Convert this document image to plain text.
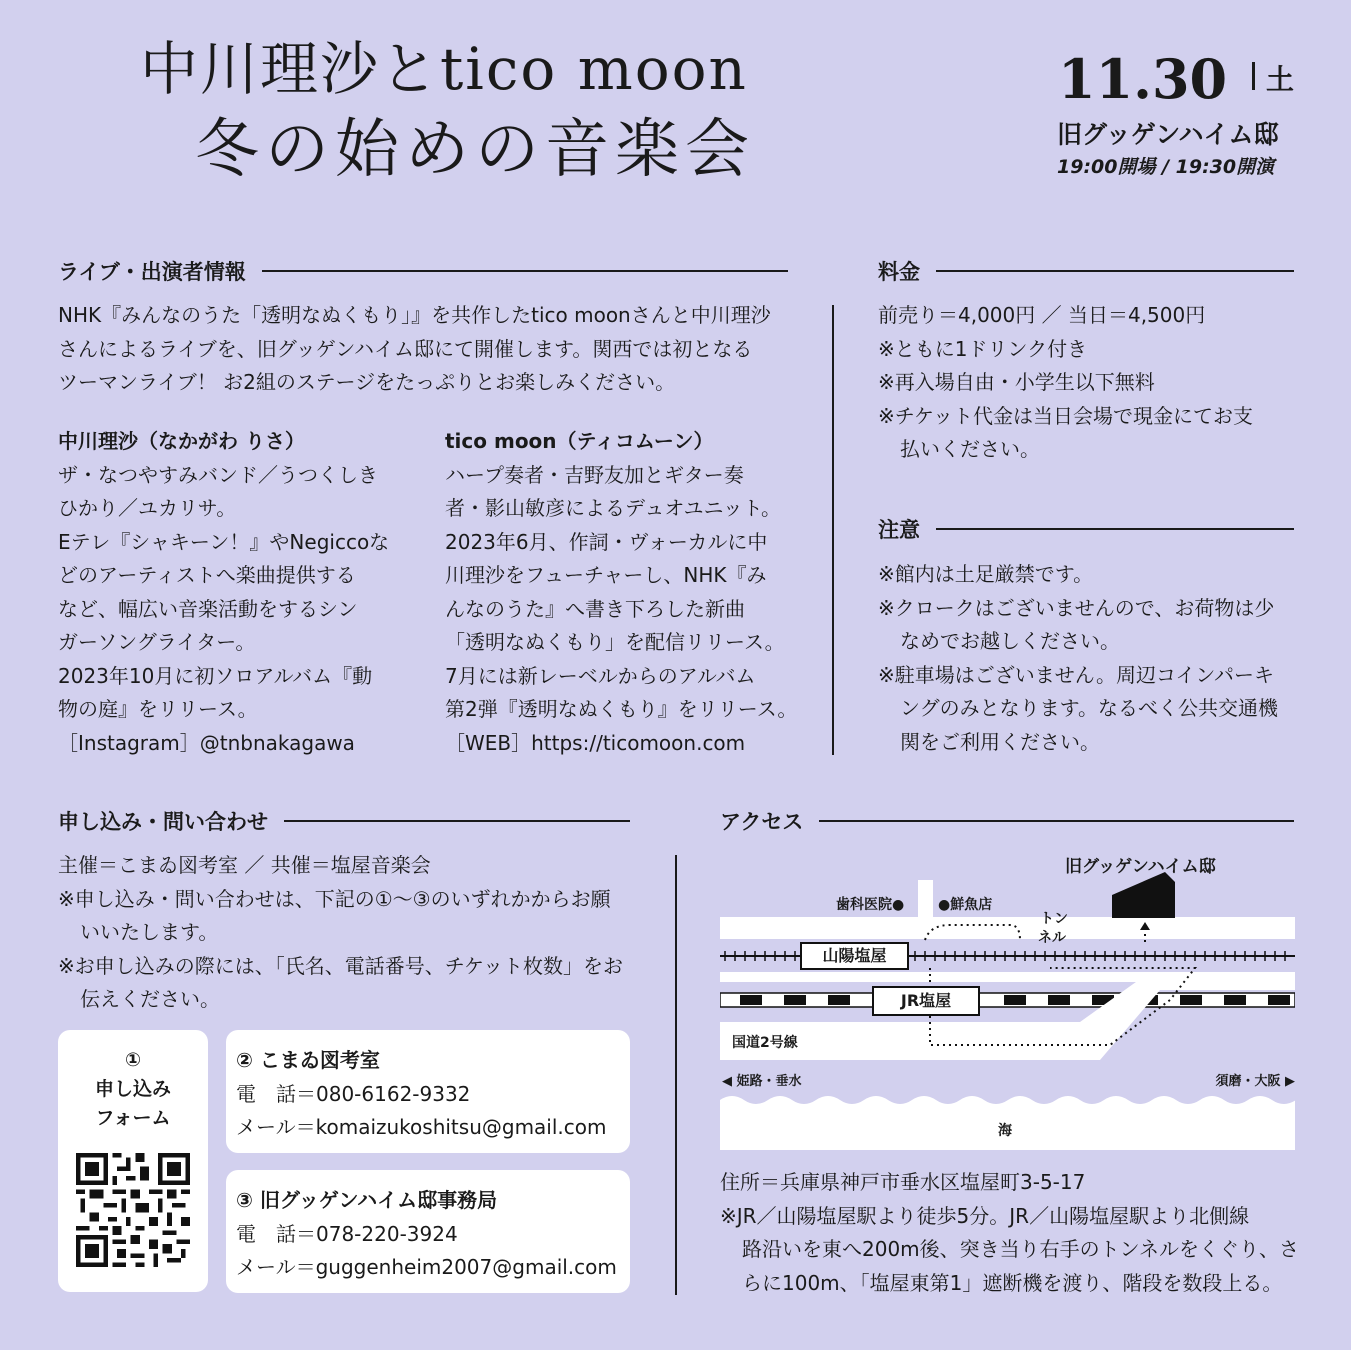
中川理沙とtico moon
冬の始めの音楽会
11.30 土
旧グッゲンハイム邸
19:00開場 / 19:30開演
ライブ・出演者情報

NHK『みんなのうた「透明なぬくもり」』を共作したtico moonさんと中川理沙

さんによるライブを、旧グッゲンハイム邸にて開催します。関西では初となる

ツーマンライブ！ お2組のステージをたっぷりとお楽しみください。

中川理沙（なかがわ りさ）

ザ・なつやすみバンド／うつくしき

ひかり／ユカリサ。

Eテレ『シャキーン！』やNegiccoな

どのアーティストへ楽曲提供する

など、幅広い音楽活動をするシン

ガーソングライター。

2023年10月に初ソロアルバム『動

物の庭』をリリース。

［Instagram］@tnbnakagawa

tico moon（ティコムーン）

ハープ奏者・吉野友加とギター奏

者・影山敏彦によるデュオユニット。

2023年6月、作詞・ヴォーカルに中

川理沙をフューチャーし、NHK『み

んなのうた』へ書き下ろした新曲

「透明なぬくもり」を配信リリース。

7月には新レーベルからのアルバム

第2弾『透明なぬくもり』をリリース。

［WEB］https://ticomoon.com

料金

前売り＝4,000円 ／ 当日＝4,500円

※ともに1ドリンク付き

※再入場自由・小学生以下無料

※チケット代金は当日会場で現金にてお支

払いください。

注意

※館内は土足厳禁です。

※クロークはございませんので、お荷物は少

なめでお越しください。

※駐車場はございません。周辺コインパーキ

ングのみとなります。なるべく公共交通機

関をご利用ください。

申し込み・問い合わせ

主催＝こまゐ図考室 ／ 共催＝塩屋音楽会

※申し込み・問い合わせは、下記の①〜③のいずれかからお願

いいたします。

※お申し込みの際には、「氏名、電話番号、チケット枚数」をお

伝えください。

①
申し込み
フォーム

② こまゐ図考室

電　話＝080-6162-9332

メール＝komaizukoshitsu@gmail.com

③ 旧グッゲンハイム邸事務局

電　話＝078-220-3924

メール＝guggenheim2007@gmail.com

アクセス
旧グッゲンハイム邸
歯科医院● ●鮮魚店
トン
ネル
山陽塩屋
JR塩屋
国道2号線
◀ 姫路・垂水	須磨・大阪 ▶
海

住所＝兵庫県神戸市垂水区塩屋町3-5-17

※JR／山陽塩屋駅より徒歩5分。JR／山陽塩屋駅より北側線

路沿いを東へ200m後、突き当り右手のトンネルをくぐり、さ

らに100m、「塩屋東第1」遮断機を渡り、階段を数段上る。
